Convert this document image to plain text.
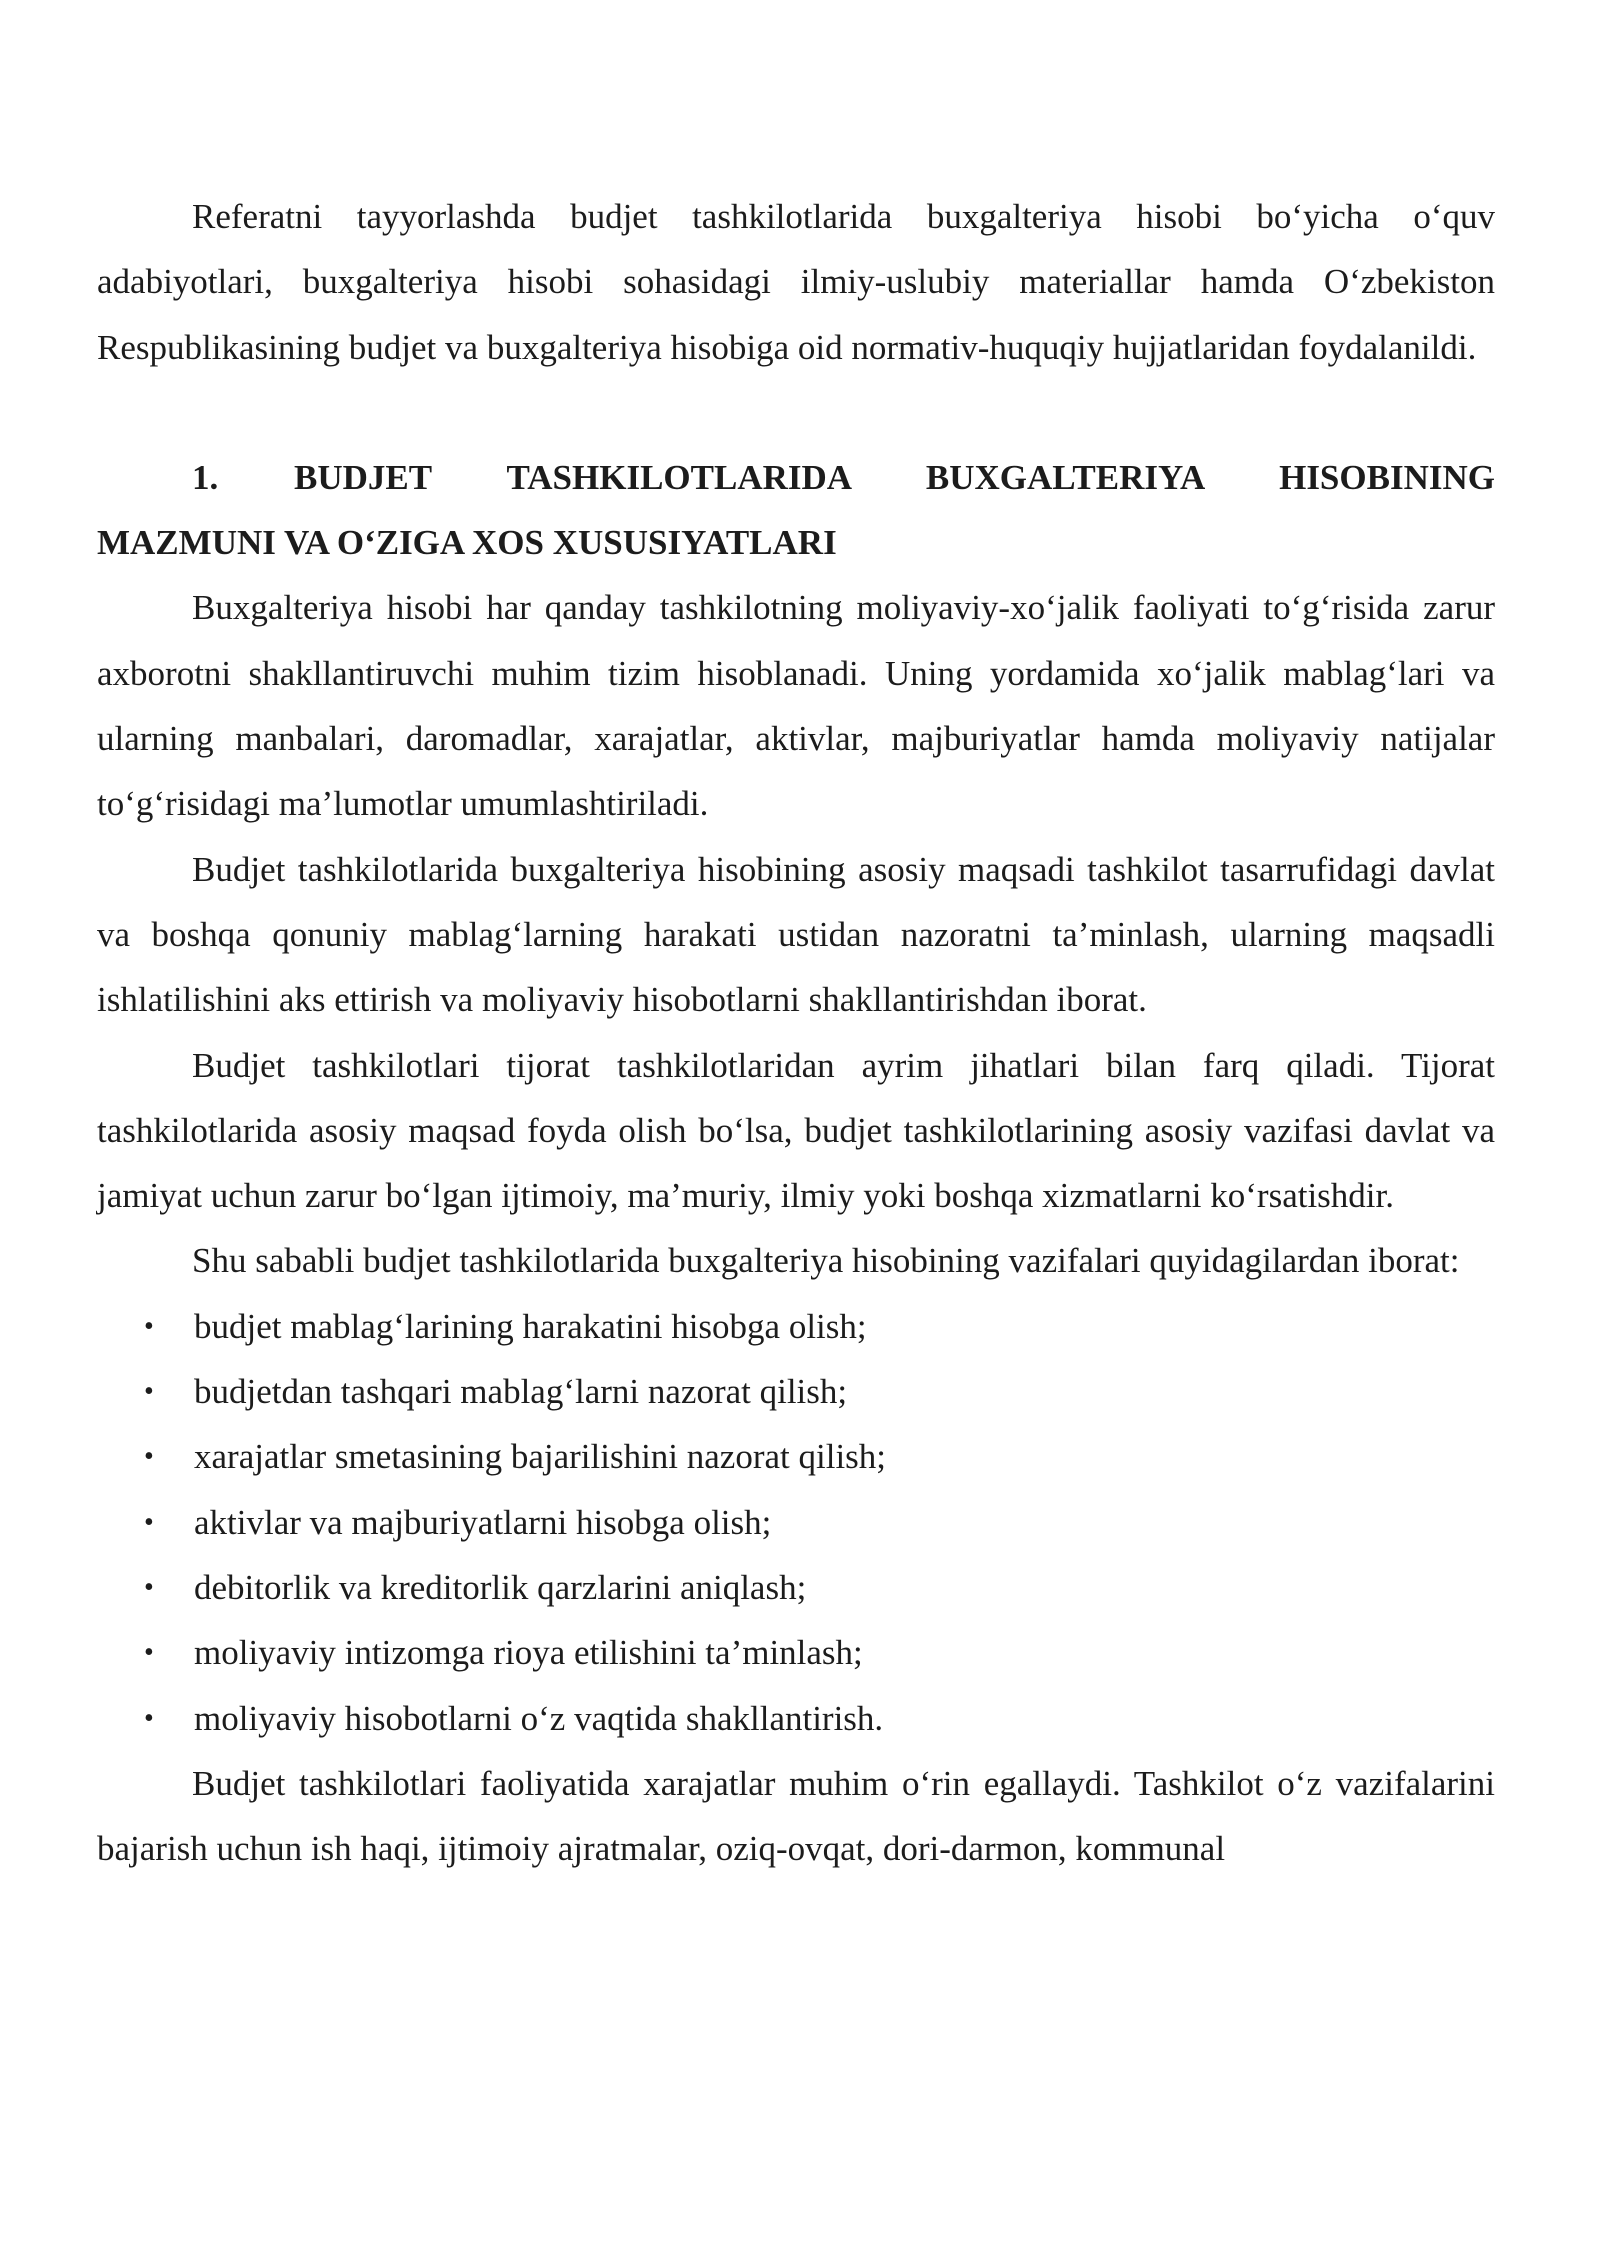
Referatni tayyorlashda budjet tashkilotlarida buxgalteriya hisobi bo‘yicha o‘quv adabiyotlari, buxgalteriya hisobi sohasidagi ilmiy-uslubiy materiallar hamda O‘zbekiston Respublikasining budjet va buxgalteriya hisobiga oid normativ-huquqiy hujjatlaridan foydalanildi.

1. BUDJET TASHKILOTLARIDA BUXGALTERIYA HISOBINING
MAZMUNI VA O‘ZIGA XOS XUSUSIYATLARI

Buxgalteriya hisobi har qanday tashkilotning moliyaviy-xo‘jalik faoliyati to‘g‘risida zarur axborotni shakllantiruvchi muhim tizim hisoblanadi. Uning yordamida xo‘jalik mablag‘lari va ularning manbalari, daromadlar, xarajatlar, aktivlar, majburiyatlar hamda moliyaviy natijalar to‘g‘risidagi ma’lumotlar umumlashtiriladi.

Budjet tashkilotlarida buxgalteriya hisobining asosiy maqsadi tashkilot tasarrufidagi davlat va boshqa qonuniy mablag‘larning harakati ustidan nazoratni ta’minlash, ularning maqsadli ishlatilishini aks ettirish va moliyaviy hisobotlarni shakllantirishdan iborat.

Budjet tashkilotlari tijorat tashkilotlaridan ayrim jihatlari bilan farq qiladi. Tijorat tashkilotlarida asosiy maqsad foyda olish bo‘lsa, budjet tashkilotlarining asosiy vazifasi davlat va jamiyat uchun zarur bo‘lgan ijtimoiy, ma’muriy, ilmiy yoki boshqa xizmatlarni ko‘rsatishdir.

Shu sababli budjet tashkilotlarida buxgalteriya hisobining vazifalari quyidagilardan iborat:

• budjet mablag‘larining harakatini hisobga olish;
• budjetdan tashqari mablag‘larni nazorat qilish;
• xarajatlar smetasining bajarilishini nazorat qilish;
• aktivlar va majburiyatlarni hisobga olish;
• debitorlik va kreditorlik qarzlarini aniqlash;
• moliyaviy intizomga rioya etilishini ta’minlash;
• moliyaviy hisobotlarni o‘z vaqtida shakllantirish.

Budjet tashkilotlari faoliyatida xarajatlar muhim o‘rin egallaydi. Tashkilot o‘z vazifalarini bajarish uchun ish haqi, ijtimoiy ajratmalar, oziq-ovqat, dori-darmon, kommunal
